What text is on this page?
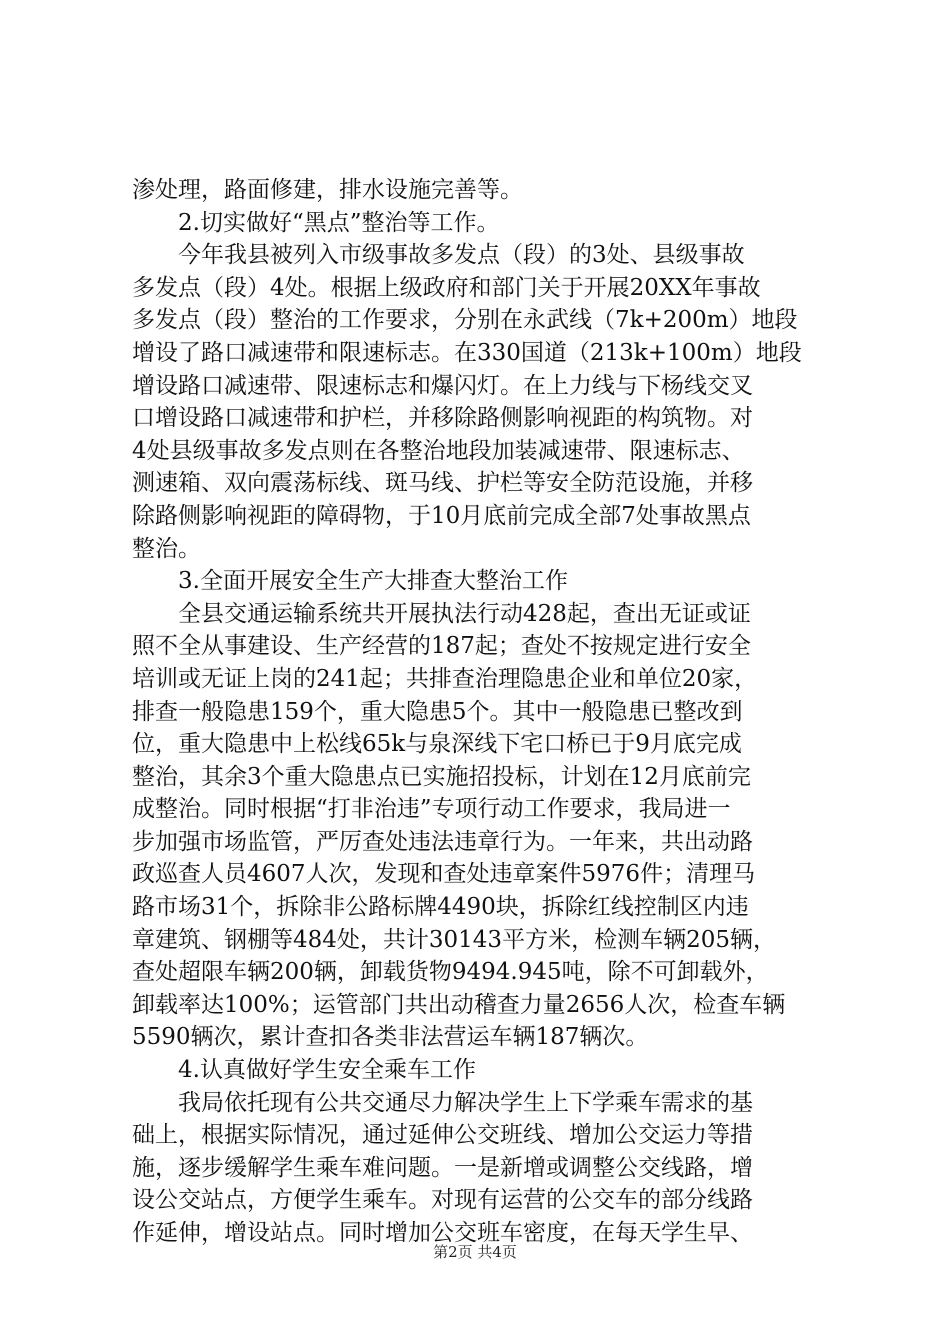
渗处理，路面修建，排水设施完善等。
2.切实做好“黑点”整治等工作。
今年我县被列入市级事故多发点（段）的3处、县级事故
多发点（段）4处。根据上级政府和部门关于开展20XX年事故
多发点（段）整治的工作要求，分别在永武线（7k+200m）地段
增设了路口减速带和限速标志。在330国道（213k+100m）地段
增设路口减速带、限速标志和爆闪灯。在上力线与下杨线交叉
口增设路口减速带和护栏，并移除路侧影响视距的构筑物。对
4处县级事故多发点则在各整治地段加装减速带、限速标志、
测速箱、双向震荡标线、斑马线、护栏等安全防范设施，并移
除路侧影响视距的障碍物，于10月底前完成全部7处事故黑点
整治。
3.全面开展安全生产大排查大整治工作
全县交通运输系统共开展执法行动428起，查出无证或证
照不全从事建设、生产经营的187起；查处不按规定进行安全
培训或无证上岗的241起；共排查治理隐患企业和单位20家，
排查一般隐患159个，重大隐患5个。其中一般隐患已整改到
位，重大隐患中上松线65k与泉深线下宅口桥已于9月底完成
整治，其余3个重大隐患点已实施招投标，计划在12月底前完
成整治。同时根据“打非治违”专项行动工作要求，我局进一
步加强市场监管，严厉查处违法违章行为。一年来，共出动路
政巡查人员4607人次，发现和查处违章案件5976件；清理马
路市场31个，拆除非公路标牌4490块，拆除红线控制区内违
章建筑、钢棚等484处，共计30143平方米，检测车辆205辆，
查处超限车辆200辆，卸载货物9494.945吨，除不可卸载外，
卸载率达100%；运管部门共出动稽查力量2656人次，检查车辆
5590辆次，累计查扣各类非法营运车辆187辆次。
4.认真做好学生安全乘车工作
我局依托现有公共交通尽力解决学生上下学乘车需求的基
础上，根据实际情况，通过延伸公交班线、增加公交运力等措
施，逐步缓解学生乘车难问题。一是新增或调整公交线路，增
设公交站点，方便学生乘车。对现有运营的公交车的部分线路
作延伸，增设站点。同时增加公交班车密度，在每天学生早、
第2页 共4页
